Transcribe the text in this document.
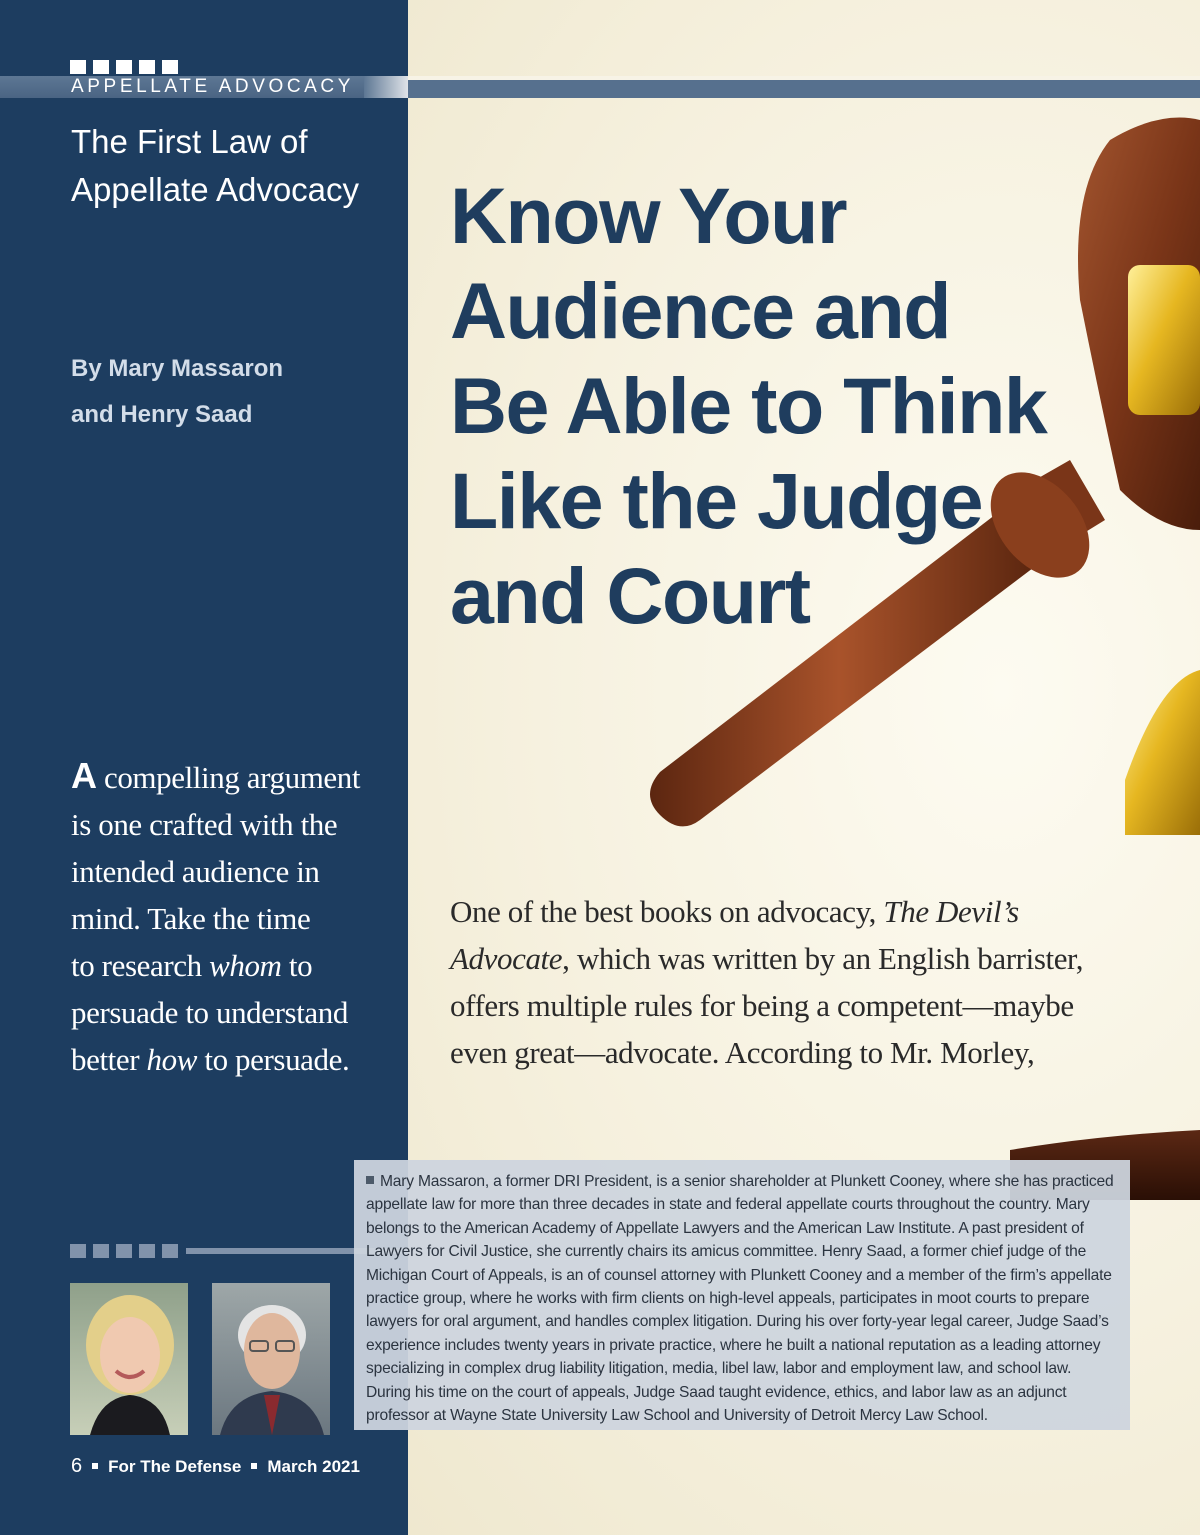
APPELLATE ADVOCACY
The First Law of
Appellate Advocacy
By Mary Massaron
and Henry Saad
Know Your
Audience and
Be Able to Think
Like the Judge
and Court
A compelling argument
is one crafted with the
intended audience in
mind. Take the time
to research whom to
persuade to understand
better how to persuade.
One of the best books on advocacy, The Devil’s
Advocate, which was written by an English barrister,
offers multiple rules for being a competent—maybe
even great—advocate. According to Mr. Morley,
Mary Massaron, a former DRI President, is a senior shareholder at Plunkett Cooney, where she has practiced appellate law for more than three decades in state and federal appellate courts throughout the country. Mary belongs to the American Academy of Appellate Lawyers and the American Law Institute. A past president of Lawyers for Civil Justice, she currently chairs its amicus committee. Henry Saad, a former chief judge of the Michigan Court of Appeals, is an of counsel attorney with Plunkett Cooney and a member of the firm’s appellate practice group, where he works with firm clients on high-level appeals, participates in moot courts to prepare lawyers for oral argument, and handles complex litigation. During his over forty-year legal career, Judge Saad’s experience includes twenty years in private practice, where he built a national reputation as a leading attorney specializing in complex drug liability litigation, media, libel law, labor and employment law, and school law. During his time on the court of appeals, Judge Saad taught evidence, ethics, and labor law as an adjunct professor at Wayne State University Law School and University of Detroit Mercy Law School.
6 For The Defense March 2021
